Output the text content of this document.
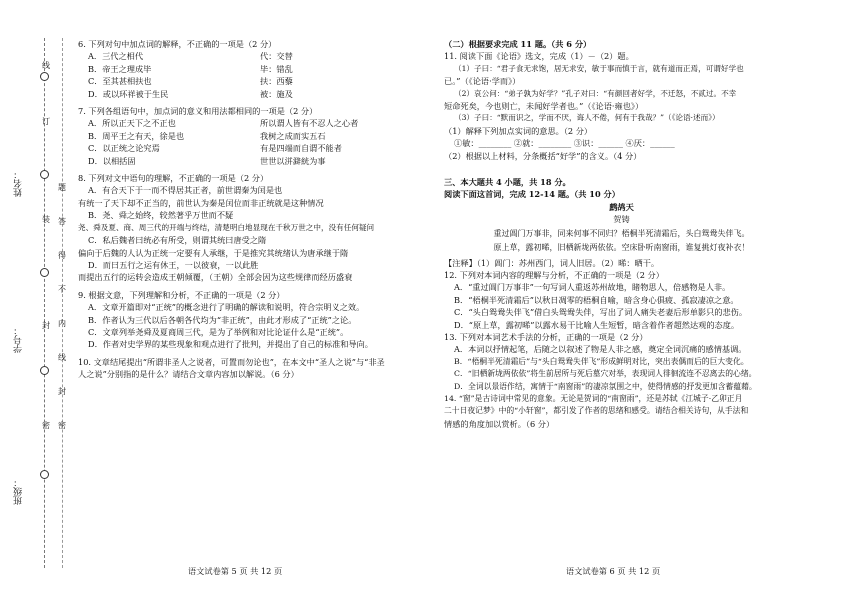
班级：
学号：
姓名：
密
封
装
订
线
密
封
线
内
不
得
答
题

6. 下列对句中加点词的解释，不正确的一项是（2 分）

A．三代之相代	代：交替
B．帝王之理成毕	毕：错乱
C．至其甚相扶也	扶：西藜
D．或以环祥被于生民	被：施及

7. 下列各组语句中，加点词的意义和用法都相同的一项是（2 分）

A．所以正天下之不正也	所以谓人皆有不忍人之心者
B．周平王之有天，徐是也	我树之成而实五石
C．以正统之论究焉	有是四端而自谓不能者
D．以相括固	世世以洴澼絖为事

8. 下列对文中语句的理解，不正确的一项是（2 分）

A．有合天下于一而不得居其正者，前世谓秦为闰是也

有统一了天下却不正当的，前世认为秦是闰位而非正统就是这种情况

B．尧、舜之始终，较然著乎万世而不疑

尧、舜及夏、商、周三代的开端与终结，清楚明白地显现在千秋万世之中，没有任何疑问

C．私后魏者曰统必有所受，则谓其统曰唐受之隋

偏向于后魏的人认为正统一定要有人承继，于是推究其统绪认为唐承继于隋

D．而曰五行之运有休王，一以彼衰，一以此胜

而提出五行的运转会造成王朝倾覆，（王朝）全部会因为这些规律而经历盛衰

9. 根据文意，下列理解和分析，不正确的一项是（2 分）

A．文章开篇即对“正统”的概念进行了明确的解读和说明，符合宗明义之效。

B．作者认为三代以后各朝各代均为“非正统”，由此才形成了“正统”之论。

C．文章列举尧舜及夏商周三代，是为了举例和对比论证什么是“正统”。

D．作者对史学界的某些现象和观点进行了批判，并提出了自己的标准和导向。

10. 文章结尾提出“所谓非圣人之说者，可置而勿论也”，在本文中“圣人之说”与“非圣

人之说”分别指的是什么？请结合文章内容加以解说。（6 分）

语文试卷第 5 页 共 12 页

（二）根据要求完成 11 题。（共 6 分）

11. 阅读下面《论语》选文，完成（1）－（2）题。

（1）子曰：“君子食无求饱，居无求安，敏于事而慎于言，就有道而正焉，可谓好学也

已。”（《论语·学而》）

（2）哀公问：“弟子孰为好学？”孔子对曰：“有颜回者好学，不迁怒，不贰过。不幸

短命死矣，今也则亡，未闻好学者也。”（《论语·雍也》）

（3）子曰：“默而识之，学而不厌，诲人不倦，何有于我哉？”（《论语·述而》）

（1）解释下列加点实词的意思。（2 分）

①敏：________ ②就：________ ③识：______ ④厌：______

（2）根据以上材料，分条概括“好学”的含义。（4 分）

三、本大题共 4 小题，共 18 分。

阅读下面这首词，完成 12-14 题。（共 10 分）

鹧鸪天

贺铸

重过阊门万事非，同来何事不同归？梧桐半死清霜后，头白鸳鸯失伴飞。

原上草，露初晞，旧栖新垅两依依。空床卧听南窗雨，谁复挑灯夜补衣！

【注释】（1）阊门：苏州西门，词人旧居。（2）晞：晒干。

12. 下列对本词内容的理解与分析，不正确的一项是（2 分）

A．“重过阊门万事非”一句写词人重返苏州故地，睹物思人，倍感物是人非。

B．“梧桐半死清霜后”以秋日凋零的梧桐自喻，暗含身心俱疲、孤寂凄凉之意。

C．“头白鸳鸯失伴飞”借白头鸳鸯失伴，写出了词人痛失老妻后形单影只的悲伤。

D．“原上草，露初晞”以露水易干比喻人生短暂，暗含着作者超然达观的态度。

13. 下列对本词艺术手法的分析，正确的一项是（2 分）

A．本词以抒情起笔，后随之以叙述了物是人非之感，奠定全词沉痛的感情基调。

B．“梧桐半死清霜后”与“头白鸳鸯失伴飞”形成鲜明对比，突出表偶而后的巨大变化。

C．“旧栖新垅两依依”将生前居所与死后墓穴对举，表现词人徘徊流连不忍离去的心绪。

D．全词以景语作结，寓情于“南窗雨”的凄凉氛围之中，使得情感的抒发更加含蓄蕴藉。

14. “窗”是古诗词中常见的意象。无论是贺词的“南窗雨”，还是苏轼《江城子·乙卯正月

二十日夜记梦》中的“小轩窗”，都引发了作者的思绪和感受。请结合相关诗句，从手法和

情感的角度加以赏析。（6 分）

语文试卷第 6 页 共 12 页
